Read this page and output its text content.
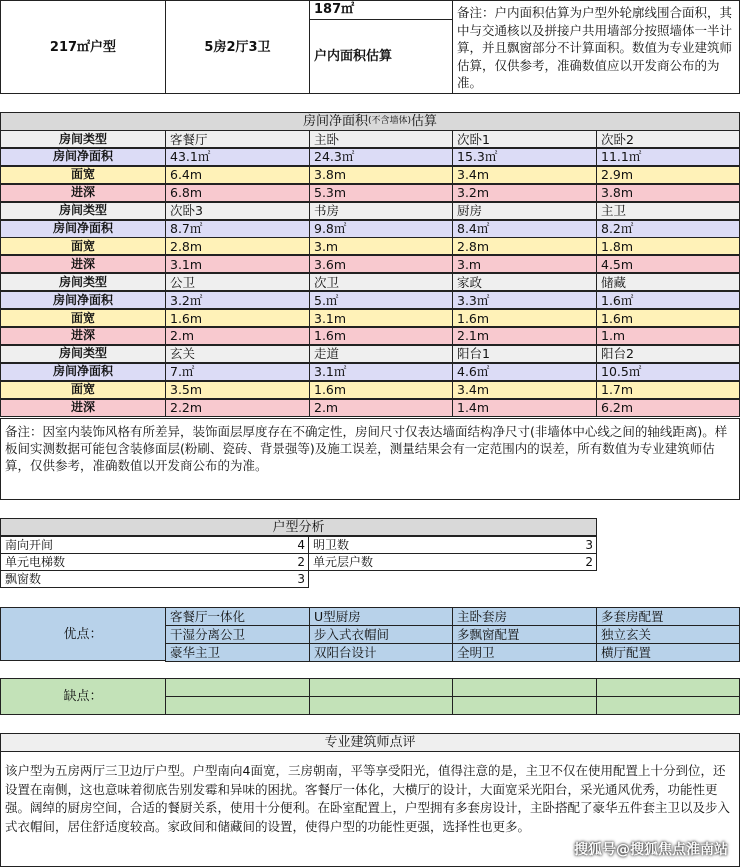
217㎡户型	5房2厅3卫
187㎡
户内面积估算
备注：户内面积估算为户型外轮廓线围合面积，其中与交通核以及拼接户共用墙部分按照墙体一半计算，并且飘窗部分不计算面积。数值为专业建筑师估算，仅供参考，准确数值应以开发商公布的为准。
房间净面积 (不含墙体) 估算
房间类型	客餐厅	主卧	次卧1	次卧2
房间净面积	43.1㎡	24.3㎡	15.3㎡	11.1㎡
面宽	6.4m	3.8m	3.4m	2.9m
进深	6.8m	5.3m	3.2m	3.8m
房间类型	次卧3	书房	厨房	主卫
房间净面积	8.7㎡	9.8㎡	8.4㎡	8.2㎡
面宽	2.8m	3.m	2.8m	1.8m
进深	3.1m	3.6m	3.m	4.5m
房间类型	公卫	次卫	家政	储藏
房间净面积	3.2㎡	5.㎡	3.3㎡	1.6㎡
面宽	1.6m	3.1m	1.6m	1.6m
进深	2.m	1.6m	2.1m	1.m
房间类型	玄关	走道	阳台1	阳台2
房间净面积	7.㎡	3.1㎡	4.6㎡	10.5㎡
面宽	3.5m	1.6m	3.4m	1.7m
进深	2.2m	2.m	1.4m	6.2m
备注：因室内装饰风格有所差异，装饰面层厚度存在不确定性，房间尺寸仅表达墙面结构净尺寸(非墙体中心线之间的轴线距离)。样板间实测数据可能包含装修面层(粉刷、瓷砖、背景强等)及施工误差，测量结果会有一定范围内的误差，所有数值为专业建筑师估算，仅供参考，准确数值以开发商公布的为准。
户型分析
南向开间	4 明卫数	3
单元电梯数	2 单元层户数	2
飘窗数	3
优点：
客餐厅一体化	U型厨房	主卧套房	多套房配置
干湿分离公卫	步入式衣帽间	多飘窗配置	独立玄关
豪华主卫	双阳台设计	全明卫	横厅配置
缺点：
专业建筑师点评
该户型为五房两厅三卫边厅户型。户型南向4面宽，三房朝南，平等享受阳光，值得注意的是，主卫不仅在使用配置上十分到位，还设置在南侧，这也意味着彻底告别发霉和异味的困扰。客餐厅一体化，大横厅的设计，大面宽采光阳台，采光通风优秀，功能性更强。阔绰的厨房空间，合适的餐厨关系，使用十分便利。在卧室配置上，户型拥有多套房设计，主卧搭配了豪华五件套主卫以及步入式衣帽间，居住舒适度较高。家政间和储藏间的设置，使得户型的功能性更强，选择性也更多。
搜狐号@搜狐焦点淮南站
